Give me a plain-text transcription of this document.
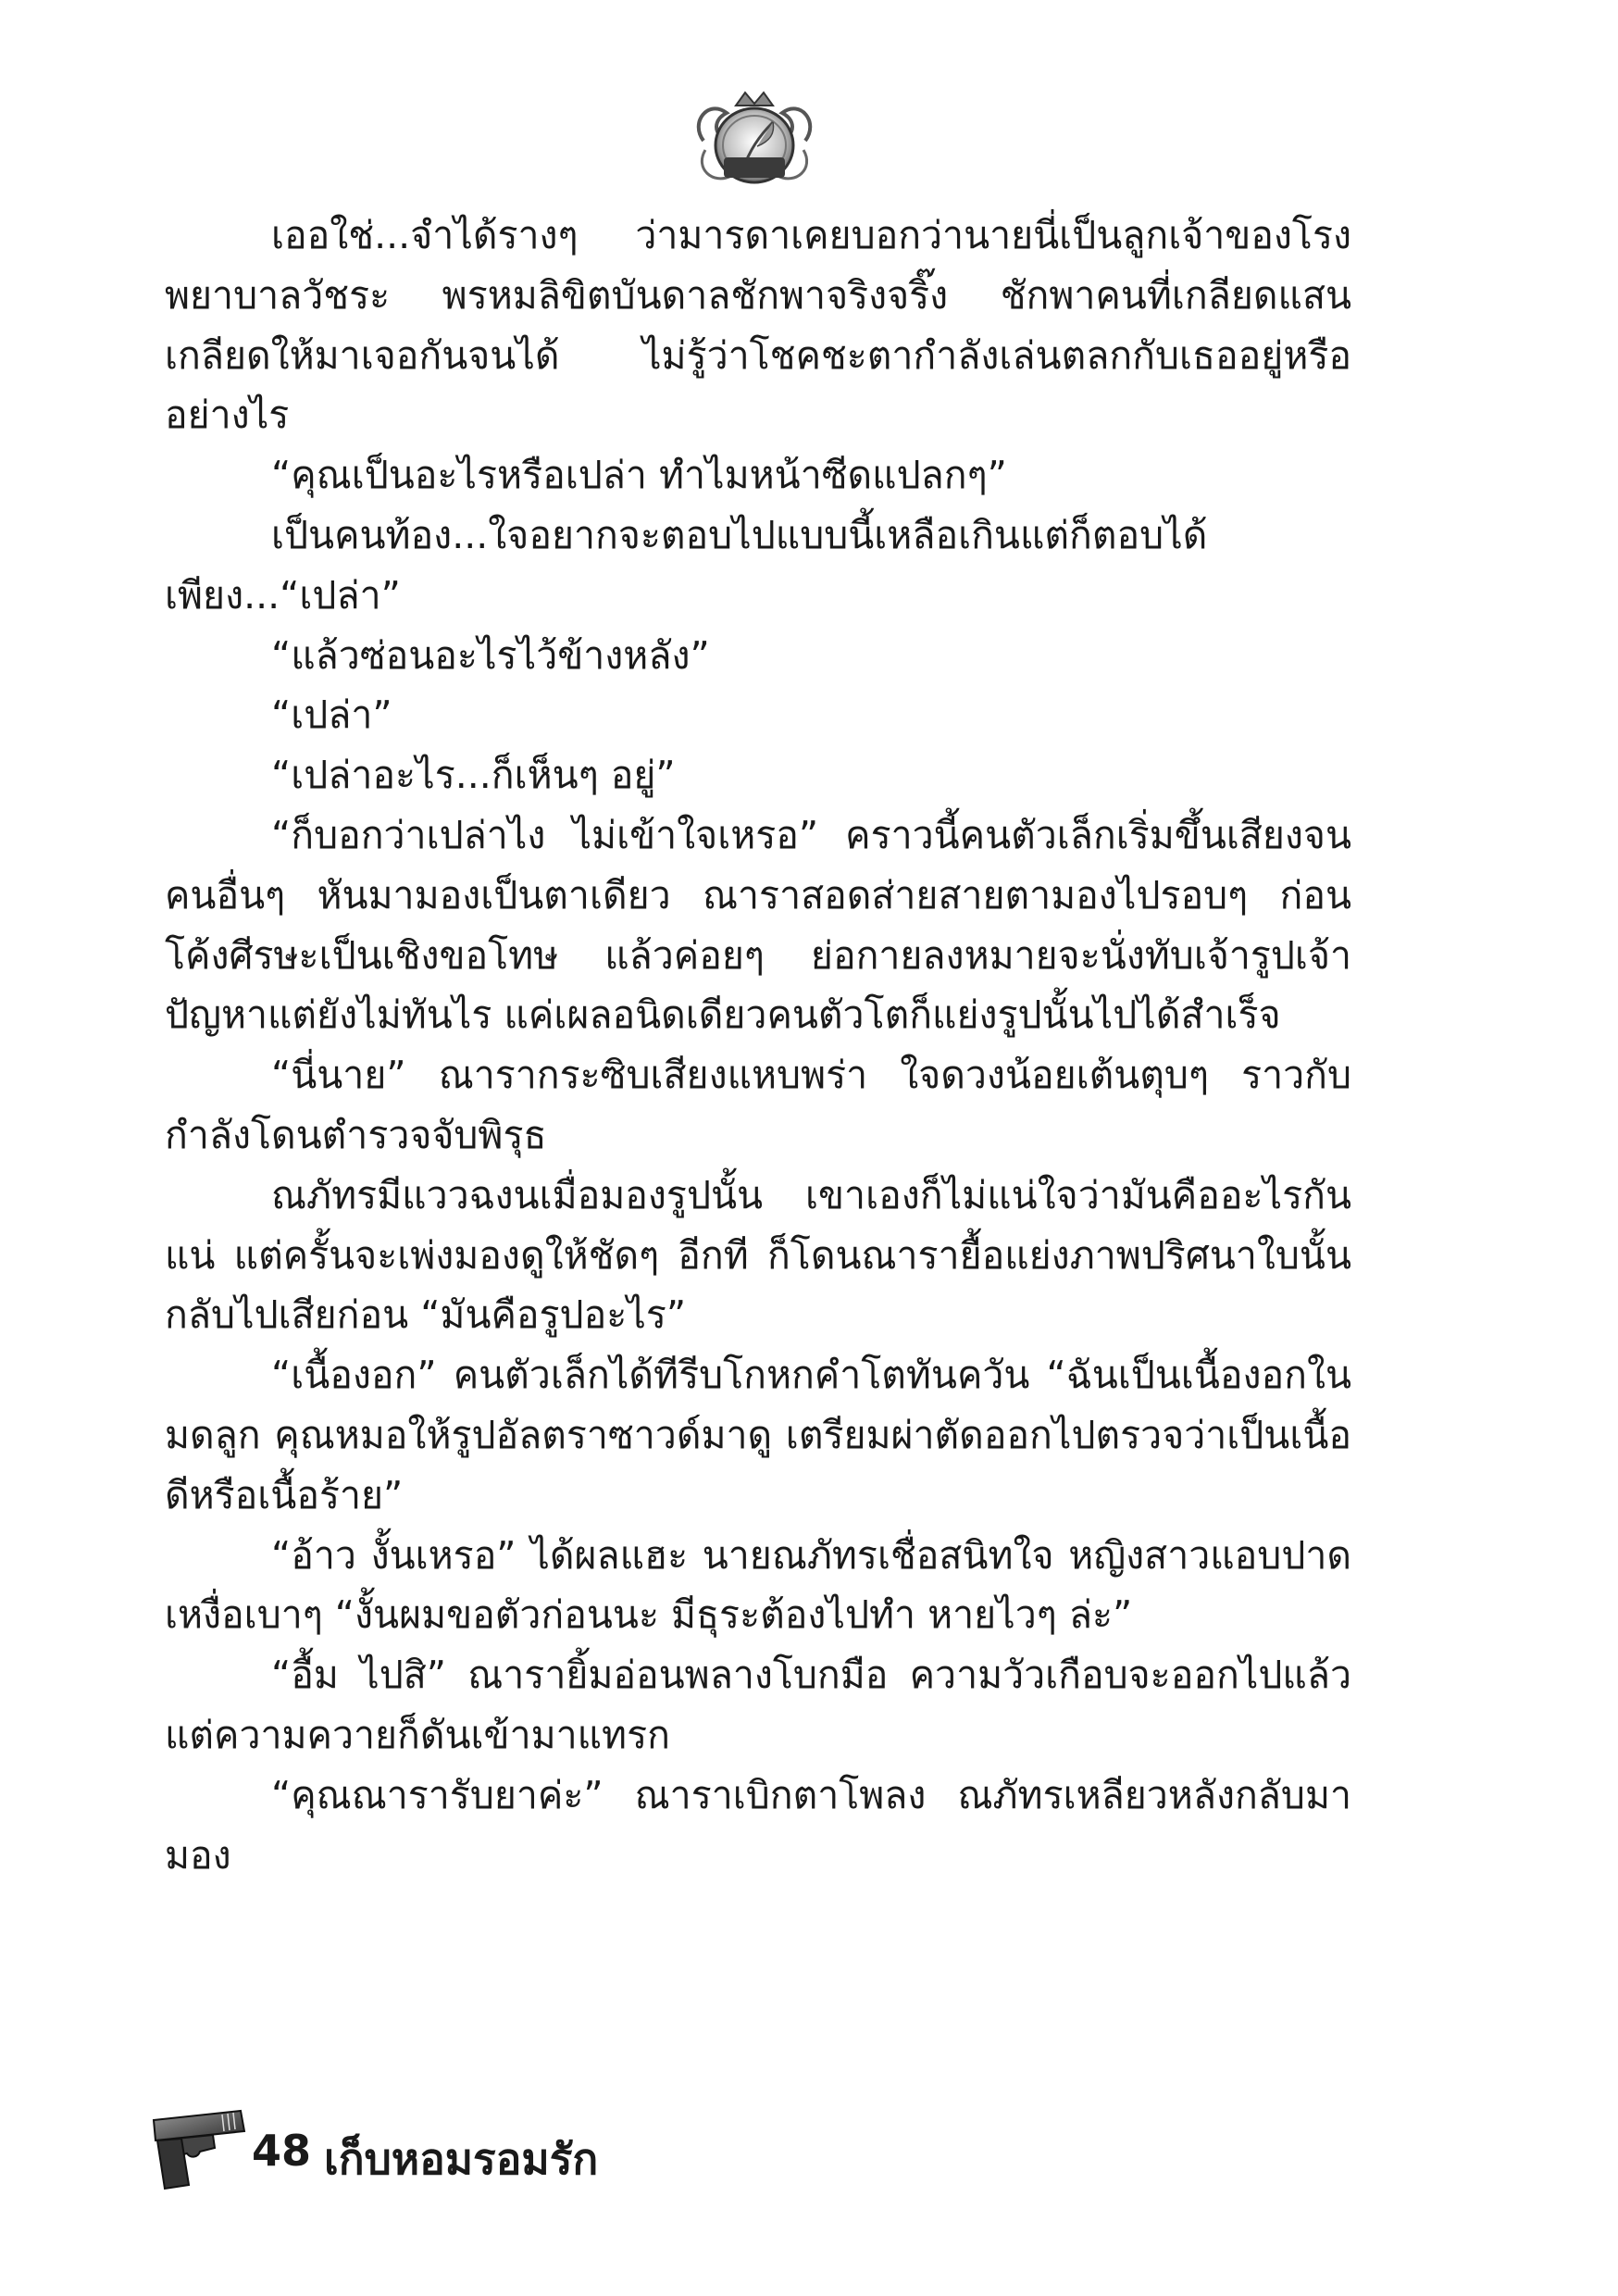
เออใช่...จำได้รางๆ ว่ามารดาเคยบอกว่านายนี่เป็นลูกเจ้าของโรงพยาบาลวัชระ พรหมลิขิตบันดาลชักพาจริงจริ๊ง ชักพาคนที่เกลียดแสนเกลียดให้มาเจอกันจนได้ ไม่รู้ว่าโชคชะตากำลังเล่นตลกกับเธออยู่หรืออย่างไร

“คุณเป็นอะไรหรือเปล่า ทำไมหน้าซีดแปลกๆ”

เป็นคนท้อง...ใจอยากจะตอบไปแบบนี้เหลือเกินแต่ก็ตอบได้เพียง...“เปล่า”

“แล้วซ่อนอะไรไว้ข้างหลัง”

“เปล่า”

“เปล่าอะไร...ก็เห็นๆ อยู่”

“ก็บอกว่าเปล่าไง ไม่เข้าใจเหรอ” คราวนี้คนตัวเล็กเริ่มขึ้นเสียงจนคนอื่นๆ หันมามองเป็นตาเดียว ณาราสอดส่ายสายตามองไปรอบๆ ก่อนโค้งศีรษะเป็นเชิงขอโทษ แล้วค่อยๆ ย่อกายลงหมายจะนั่งทับเจ้ารูปเจ้าปัญหาแต่ยังไม่ทันไร แค่เผลอนิดเดียวคนตัวโตก็แย่งรูปนั้นไปได้สำเร็จ

“นี่นาย” ณารากระซิบเสียงแหบพร่า ใจดวงน้อยเต้นตุบๆ ราวกับกำลังโดนตำรวจจับพิรุธ

ณภัทรมีแววฉงนเมื่อมองรูปนั้น เขาเองก็ไม่แน่ใจว่ามันคืออะไรกันแน่ แต่ครั้นจะเพ่งมองดูให้ชัดๆ อีกที ก็โดนณารายื้อแย่งภาพปริศนาใบนั้นกลับไปเสียก่อน “มันคือรูปอะไร”

“เนื้องอก” คนตัวเล็กได้ทีรีบโกหกคำโตทันควัน “ฉันเป็นเนื้องอกในมดลูก คุณหมอให้รูปอัลตราซาวด์มาดู เตรียมผ่าตัดออกไปตรวจว่าเป็นเนื้อดีหรือเนื้อร้าย”

“อ้าว งั้นเหรอ” ได้ผลแฮะ นายณภัทรเชื่อสนิทใจ หญิงสาวแอบปาดเหงื่อเบาๆ “งั้นผมขอตัวก่อนนะ มีธุระต้องไปทำ หายไวๆ ล่ะ”

“อื้ม ไปสิ” ณารายิ้มอ่อนพลางโบกมือ ความวัวเกือบจะออกไปแล้วแต่ความควายก็ดันเข้ามาแทรก

“คุณณารารับยาค่ะ” ณาราเบิกตาโพลง ณภัทรเหลียวหลังกลับมามอง

48 เก็บหอมรอมรัก
